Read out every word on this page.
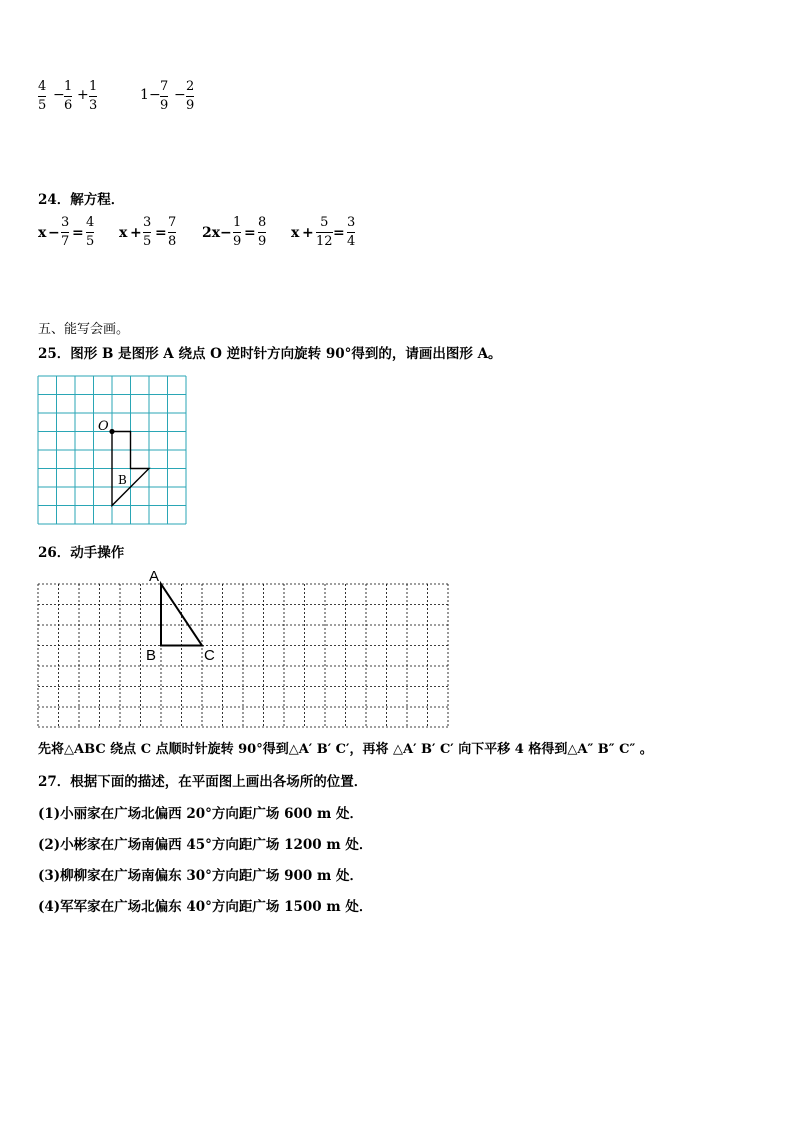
4
5
−
1
6
+
1
3
1 −
7
9
−
2
9
24．解方程．
x −
3
7
=
4
5
x +
3
5
=
7
8
2x −
1
9
=
8
9
x +
5
12
=
3
4
五、能写会画。
25．图形 B 是图形 A 绕点 O 逆时针方向旋转 90°得到的，请画出图形 A。
O
B
26．动手操作
A
B	C
先将△ABC 绕点 C 点顺时针旋转 90°得到△A′ B′ C′，再将 △A′ B′ C′ 向下平移 4 格得到△A″ B″ C″ 。
27．根据下面的描述，在平面图上画出各场所的位置．
(1)小丽家在广场北偏西 20°方向距广场 600 m 处．
(2)小彬家在广场南偏西 45°方向距广场 1200 m 处．
(3)柳柳家在广场南偏东 30°方向距广场 900 m 处．
(4)军军家在广场北偏东 40°方向距广场 1500 m 处．
